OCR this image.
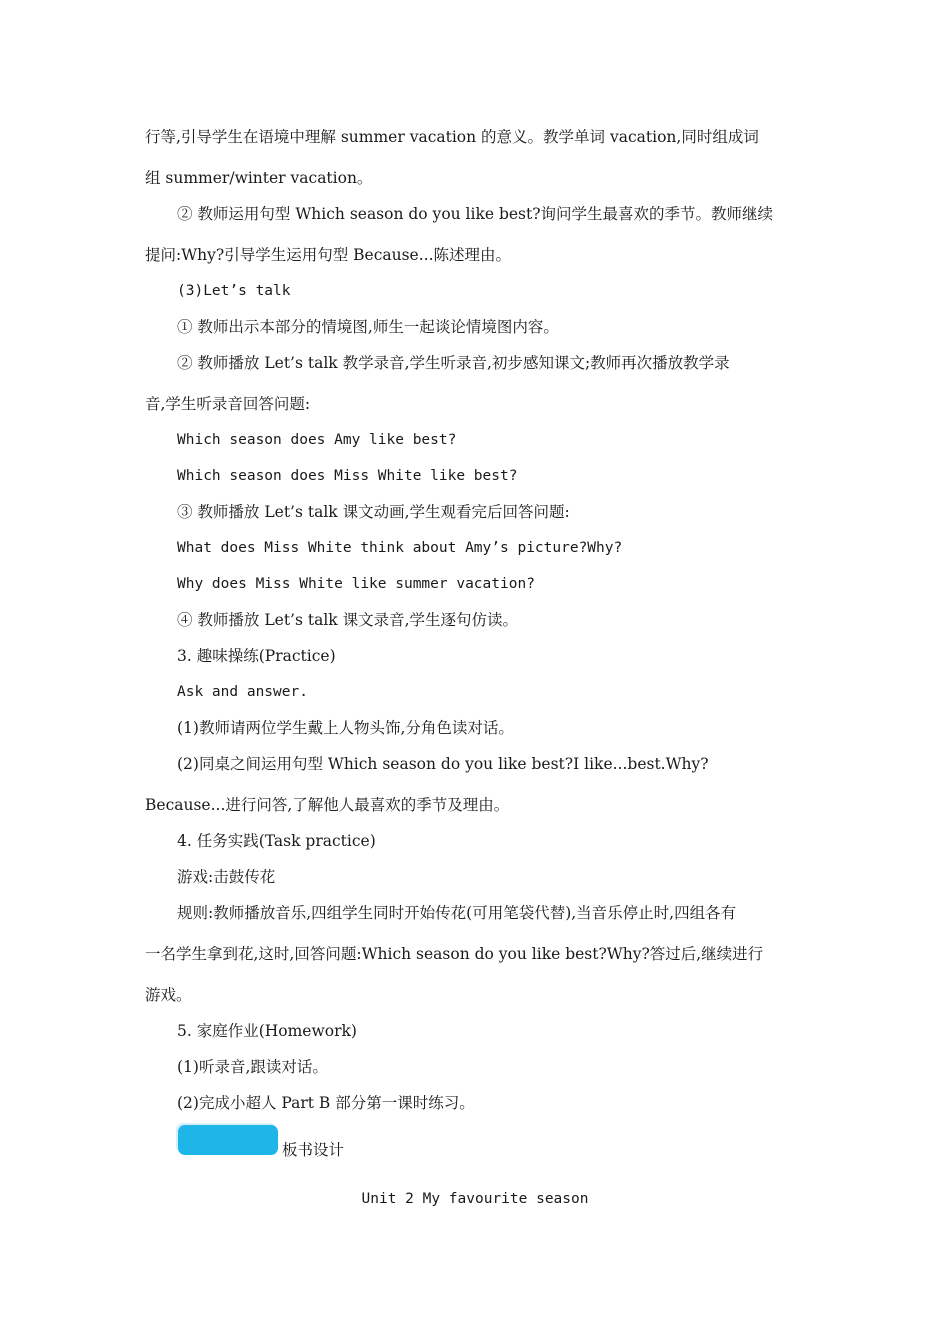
行等,引导学生在语境中理解 summer vacation 的意义。教学单词 vacation,同时组成词
组 summer/winter vacation。
② 教师运用句型 Which season do you like best?询问学生最喜欢的季节。教师继续
提问:Why?引导学生运用句型 Because...陈述理由。
(3)Let’s talk
① 教师出示本部分的情境图,师生一起谈论情境图内容。
② 教师播放 Let’s talk 教学录音,学生听录音,初步感知课文;教师再次播放教学录
音,学生听录音回答问题:
Which season does Amy like best?
Which season does Miss White like best?
③ 教师播放 Let’s talk 课文动画,学生观看完后回答问题:
What does Miss White think about Amy’s picture?Why?
Why does Miss White like summer vacation?
④ 教师播放 Let’s talk 课文录音,学生逐句仿读。
3. 趣味操练(Practice)
Ask and answer.
(1)教师请两位学生戴上人物头饰,分角色读对话。
(2)同桌之间运用句型 Which season do you like best?I like...best.Why?
Because...进行问答,了解他人最喜欢的季节及理由。
4. 任务实践(Task practice)
游戏:击鼓传花
规则:教师播放音乐,四组学生同时开始传花(可用笔袋代替),当音乐停止时,四组各有
一名学生拿到花,这时,回答问题:Which season do you like best?Why?答过后,继续进行
游戏。
5. 家庭作业(Homework)
(1)听录音,跟读对话。
(2)完成小超人 Part B 部分第一课时练习。
板书设计
Unit 2 My favourite season
